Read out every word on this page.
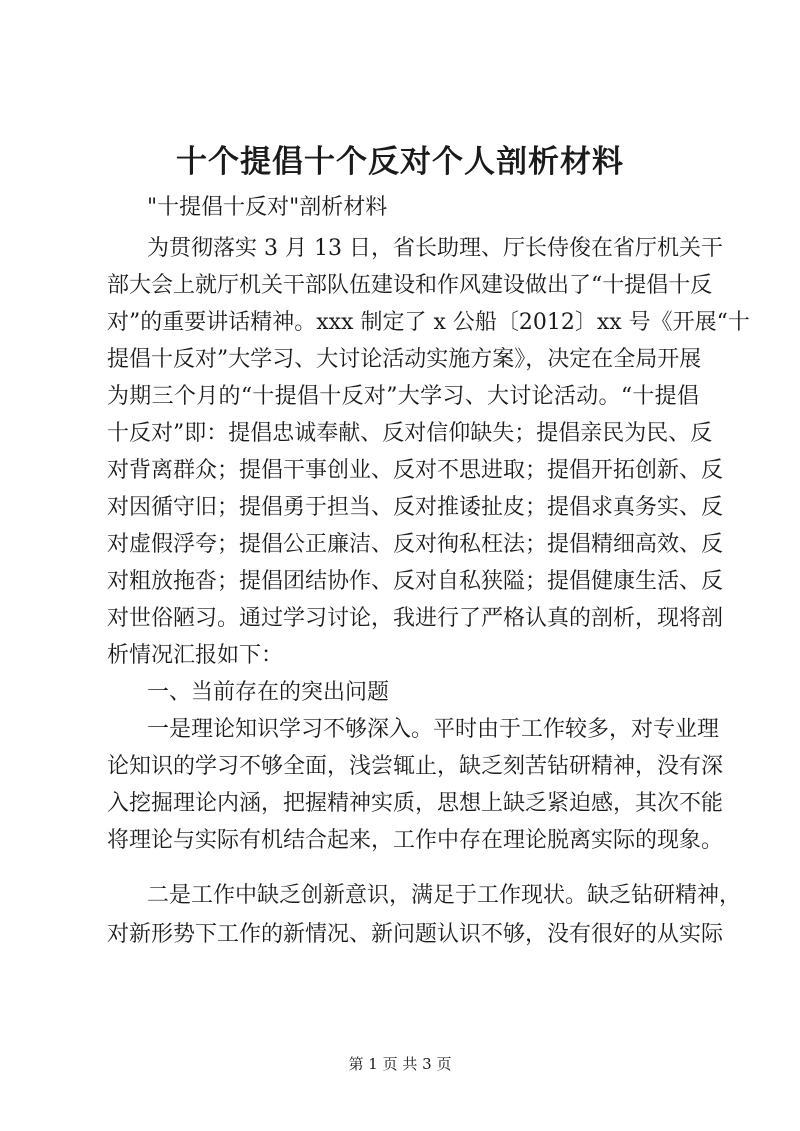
十个提倡十个反对个人剖析材料
"十提倡十反对"剖析材料
为贯彻落实 3 月 13 日，省长助理、厅长侍俊在省厅机关干
部大会上就厅机关干部队伍建设和作风建设做出了“十提倡十反
对”的重要讲话精神。xxx 制定了 x 公船〔2012〕xx 号《开展“十
提倡十反对”大学习、大讨论活动实施方案》，决定在全局开展
为期三个月的“十提倡十反对”大学习、大讨论活动。“十提倡
十反对”即：提倡忠诚奉献、反对信仰缺失；提倡亲民为民、反
对背离群众；提倡干事创业、反对不思进取；提倡开拓创新、反
对因循守旧；提倡勇于担当、反对推诿扯皮；提倡求真务实、反
对虚假浮夸；提倡公正廉洁、反对徇私枉法；提倡精细高效、反
对粗放拖沓；提倡团结协作、反对自私狭隘；提倡健康生活、反
对世俗陋习。通过学习讨论，我进行了严格认真的剖析，现将剖
析情况汇报如下：
一、当前存在的突出问题
一是理论知识学习不够深入。平时由于工作较多，对专业理
论知识的学习不够全面，浅尝辄止，缺乏刻苦钻研精神，没有深
入挖掘理论内涵，把握精神实质，思想上缺乏紧迫感，其次不能
将理论与实际有机结合起来，工作中存在理论脱离实际的现象。
二是工作中缺乏创新意识，满足于工作现状。缺乏钻研精神，
对新形势下工作的新情况、新问题认识不够，没有很好的从实际
第 1 页 共 3 页
